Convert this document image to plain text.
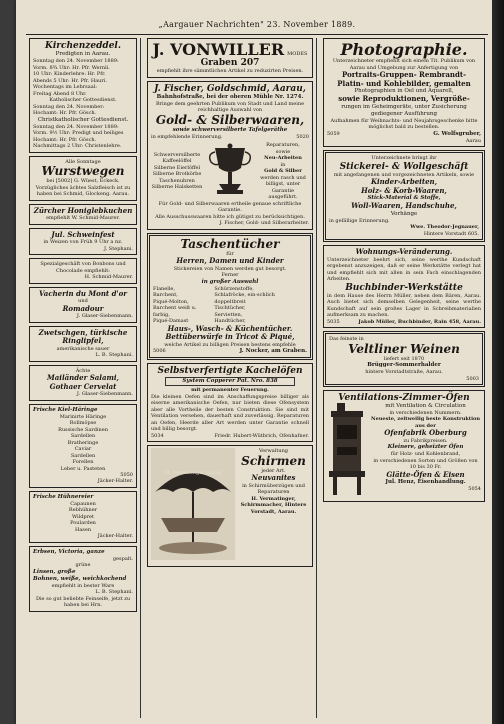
„Aargauer Nachrichten" 23. November 1889.
Kirchenzeddel.
Predigten in Aarau.
Sonntag den 24. November 1889:
Vorm. 8¾ Uhr: Hr. Pfr. Wernli.
10 Uhr: Kinderlehre: Hr. Pfr.
Abends 5 Uhr: Hr. Pfr. Hauri.
Wochentags im Lehrsaal:
Freitag Abend 8 Uhr.
Katholischer Gottesdienst.
Sonntag den 24. November:
Hochamt: Hr. Pfr. Gösch.
Christkatholischer Gottesdienst.
Sonntag den 24. November 1889:
Vorm. 9½ Uhr: Predigt und heiliges
Hochamt: Hr. Pfr. Gösch.
Nachmittags 2 Uhr: Christenlehre.
Alle Sonntage
Wurstwegen
bei [5002] G. Wüest, Eckeck.
Vorzügliches ächtes Salzfleisch ist zu haben bei Schmid, Glockeng. Aarau.
Zürcher Honiglebkuchen
empfiehlt W. Schmid-Maurer.
Jul. Schweinfest
in Weizen von Früh 9 Uhr a nz.
J. Stephani.
Spezialgeschäft von Bonbons und Chocolade empfiehlt:
H. Schmid-Maurer.
Vacherin du Mont d'or
und
Romadour
J. Glaser-Siebenmann.
Zwetschgen, türkische
Ringlipfel,
amerikanische sauer
L. B. Stephani.
Ächte
Mailänder Salami,
Gothaer Cervelat
J. Glaser-Siebenmann.
Frische Kiel-Häringe
Marinirte Häringe
Rollmöpse
Russische Sardinen
Sardellen
Bratheringe
Caviar
Sardellen
Forellen
Leber u. Pasteten
5050
Jäcker-Halter.
Frische Hühnereier
Capaunen
Rebhühner
Wildpret
Poularden
Hasen
Jäcker-Halter.
Erbsen, Victoria, ganze
gespalt.
grüne
Linsen, große
Bohnen, weiße, weichkochend
empfiehlt in bester Ware
L. B. Stephani.
Die so gut beliebte Feinseife, jetzt zu haben bei Hrn.
J. VONWILLER MODES
Graben 207
empfiehlt ihre sämmtlichen Artikel zu reduzirten Preisen.
J. Fischer, Goldschmid, Aarau,
Bahnhofstraße, bei der oberen Mühle Nr. 1274.
Bringe dem geehrten Publikum von Stadt und Land meine reichhaltige Auswahl von
Gold- & Silberwaaren,
sowie schwerversilberte Tafelgeräthe
in empfehlende Erinnerung.	5020
Schwerversilberte Kaffeelöffel
Silberne Eierlöffel
Silberne Brotkörbe
Taschenuhren
Silberne Halsketten
Reparaturen,
sowie
Neu-Arbeiten
in
Gold & Silber
werden rasch und billigst, unter Garantie ausgeführt.
Für Gold- und Silberwaaren ertheile genaue schriftliche Garantie.
Alle Ausschusswaaren bitte ich gütigst zu berücksichtigen.
J. Fischer, Gold- und Silberarbeiter.
Taschentücher
für
Herren, Damen und Kinder
Stickereien von Namen werden gut besorgt.
Ferner
in großer Auswahl
Flanelle,
Barchent,
Piqué-Molton,
Barchent weiß u. farbig,
Piqué-Damast
Schürzenstoffe,
Schlafröcke, ein-schlich doppeltbreit
Tischtücher,
Servietten,
Handtücher,
Haus-, Wasch- & Küchentücher.
Bettüberwürfe in Tricot & Piqué,
welche Artikel zu billigen Preisen bestens empfehle
5006	J. Nocker, am Graben.
Selbstverfertigte Kachelöfen
System Copperer Pat. Nro. 838
mit permanenter Feuerung.
Die kleinen Oefen sind im Anschaffungspreise billiger als eiserne amerikanische Oefen, nur bieten diese Ofensystem aber alle Vortheile der besten Construktion. Sie sind mit Ventilation versehen, dauerhaft und zuverlässig. Reparaturen an Oefen, Heerde aller Art werden unter Garantie schnell und billig besorgt.
5034	Friedr. Hubert-Wüthrich, Ofenhafner.
M. Vermatinger Aarau
Verwaltung
Schirmen
jeder Art.
Neuvanites
in Schirmüberzügen und Reparaturen
H. Vermatinger, Schirmmacher, Hintere Vorstadt, Aarau.
Photographie.
Unterzeichneter empfiehlt sich einem Tit. Publikum von Aarau und Umgebung zur Anfertigung von
Portraits-Gruppen- Rembrandt-
Platin- und Kohlebilder, gemalten
Photographien in Oel und Aquarell,
sowie Reproduktionen, Vergröße-
rungen im Geheimgeräte, unter Zusicherung
gediegener Ausführung
Aufnahmen für Weihnachts- und Neujahrsgeschenke bitte möglichst bald zu bestellen.
5059	G. Wolfsgruber,
Aarau
Unterzeichnete bringt ihr
Stickerei- & Wollgeschäft
mit angefangenen und vorgezeichneten Artikeln, sowie
Kinder-Arbeiten,
Holz- & Korb-Waaren,
Stick-Material & Stoffe,
Woll-Waaren, Handschuhe,
Vorhänge
in gefällige Erinnerung.
Wwe. Theodor-Jegnauer,
Hintere Vorstadt 605.
Wohnungs-Veränderung.
Unterzeichneter beehrt sich, seine werthe Kundschaft ergebenst anzuzeigen, daß er seine Werkstätte verlegt hat und empfiehlt sich mit allen in sein Fach einschlagenden Arbeiten.
Buchbinder-Werkstätte
in dem Hause des Herrn Müller, neben dem Bären, Aarau. Auch bietet sich demselben Gelegenheit, seine werthe Kundschaft auf sein großes Lager in Schreibmaterialien aufmerksam zu machen.
5035	Jakob Müller, Buchbinder, Rain 458, Aarau.
Das feinste in
Veltliner Weinen
liefert seit 1870
Brügger-Sommerhalder
hintere Vorstadtstraße, Aarau.
5003
Ventilations-Zimmer-Öfen
mit Ventilation & Circulation
in verschiedenen Nummern.
Neueste, zeitweilig beste Konstruktion aus der
Ofenfabrik Oberburg
zu Fabrikpreisen.
Kleinere, geheizter Öfen
für Holz- und Kohlenbrand,
in verschiedenen Sorten und Größen von 10 bis 30 Fr.
Glätte-Öfen & Eisen
Jul. Henz, Eisenhandlung.
5054
